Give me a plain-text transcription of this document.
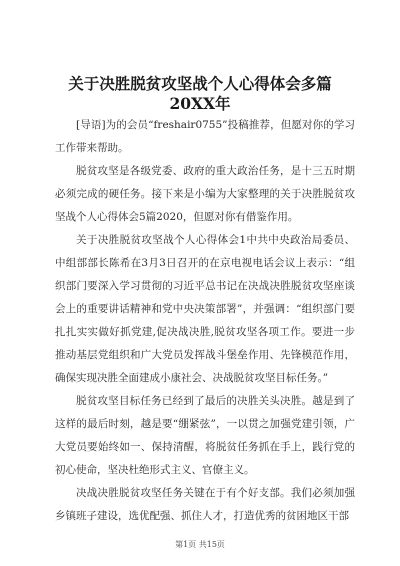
关于决胜脱贫攻坚战个人心得体会多篇20XX年

[导语]为的会员“freshair0755”投稿推荐，但愿对你的学习工作带来帮助。

脱贫攻坚是各级党委、政府的重大政治任务，是十三五时期必须完成的硬任务。接下来是小编为大家整理的关于决胜脱贫攻坚战个人心得体会5篇2020，但愿对你有借鉴作用。

关于决胜脱贫攻坚战个人心得体会1中共中央政治局委员、中组部部长陈希在3月3日召开的在京电视电话会议上表示：“组织部门要深入学习贯彻的习近平总书记在决战决胜脱贫攻坚座谈会上的重要讲话精神和党中央决策部署”，并强调：“组织部门要扎扎实实做好抓党建,促决战决胜,脱贫攻坚各项工作。要进一步推动基层党组织和广大党员发挥战斗堡垒作用、先锋模范作用，确保实现决胜全面建成小康社会、决战脱贫攻坚目标任务。”

脱贫攻坚目标任务已经到了最后的决胜关头决胜。越是到了这样的最后时刻，越是要“绷紧弦”，一以贯之加强党建引领，广大党员要始终如一、保持清醒，将脱贫任务抓在手上，践行党的初心使命，坚决杜绝形式主义、官僚主义。

决战决胜脱贫攻坚任务关键在于有个好支部。我们必须加强乡镇班子建设，选优配强、抓住人才，打造优秀的贫困地区干部

第1页 共15页
